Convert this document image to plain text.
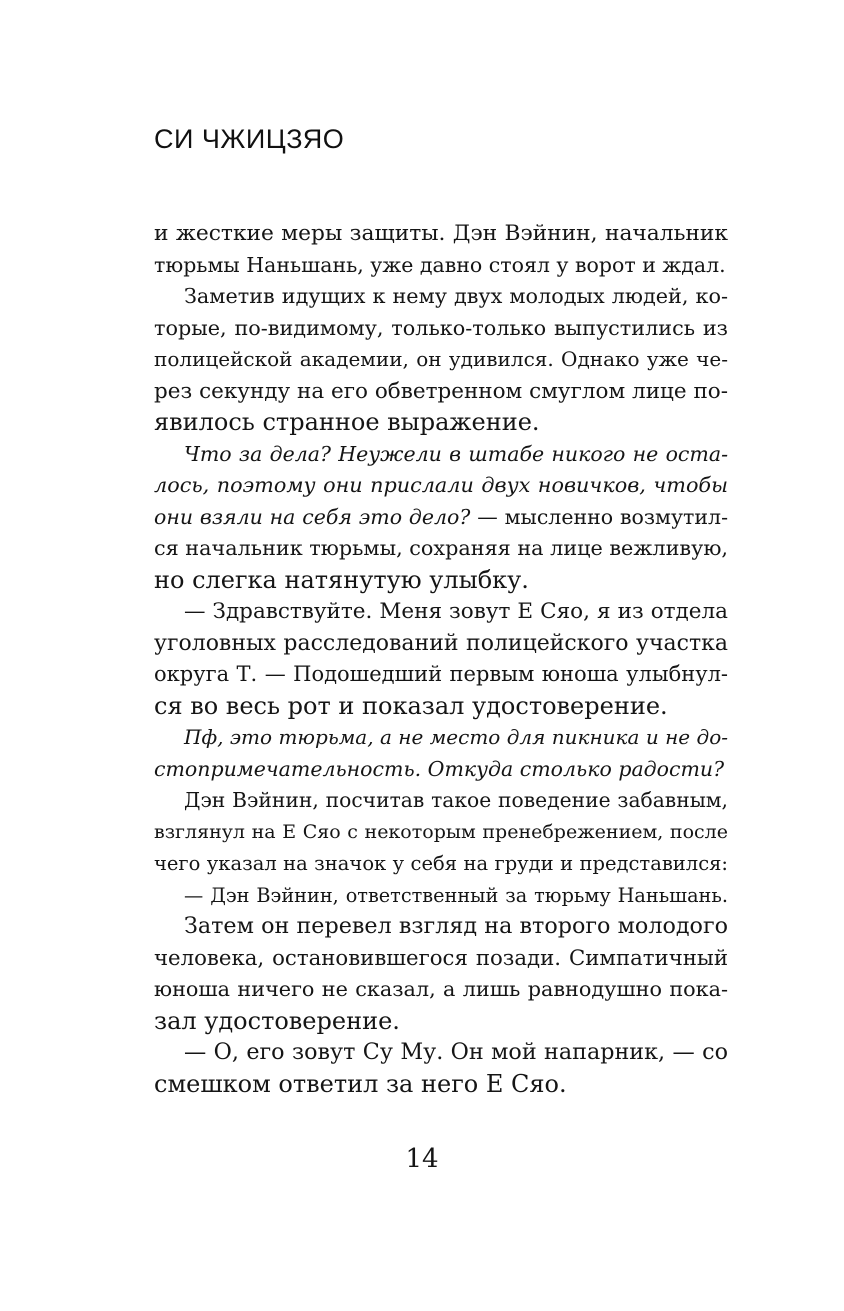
СИ ЧЖИЦЗЯО
и жесткие меры защиты. Дэн Вэйнин, начальник
тюрьмы Наньшань, уже давно стоял у ворот и ждал.
Заметив идущих к нему двух молодых людей, ко-
торые, по-видимому, только-только выпустились из
полицейской академии, он удивился. Однако уже че-
рез секунду на его обветренном смуглом лице по-
явилось странное выражение.
Что за дела? Неужели в штабе никого не оста-
лось, поэтому они прислали двух новичков, чтобы
они взяли на себя это дело? — мысленно возмутил-
ся начальник тюрьмы, сохраняя на лице вежливую,
но слегка натянутую улыбку.
— Здравствуйте. Меня зовут Е Сяо, я из отдела
уголовных расследований полицейского участка
округа Т. — Подошедший первым юноша улыбнул-
ся во весь рот и показал удостоверение.
Пф, это тюрьма, а не место для пикника и не до-
стопримечательность. Откуда столько радости?
Дэн Вэйнин, посчитав такое поведение забавным,
взглянул на Е Сяо с некоторым пренебрежением, после
чего указал на значок у себя на груди и представился:
— Дэн Вэйнин, ответственный за тюрьму Наньшань.
Затем он перевел взгляд на второго молодого
человека, остановившегося позади. Симпатичный
юноша ничего не сказал, а лишь равнодушно пока-
зал удостоверение.
— О, его зовут Су Му. Он мой напарник, — со
смешком ответил за него Е Сяо.
14
